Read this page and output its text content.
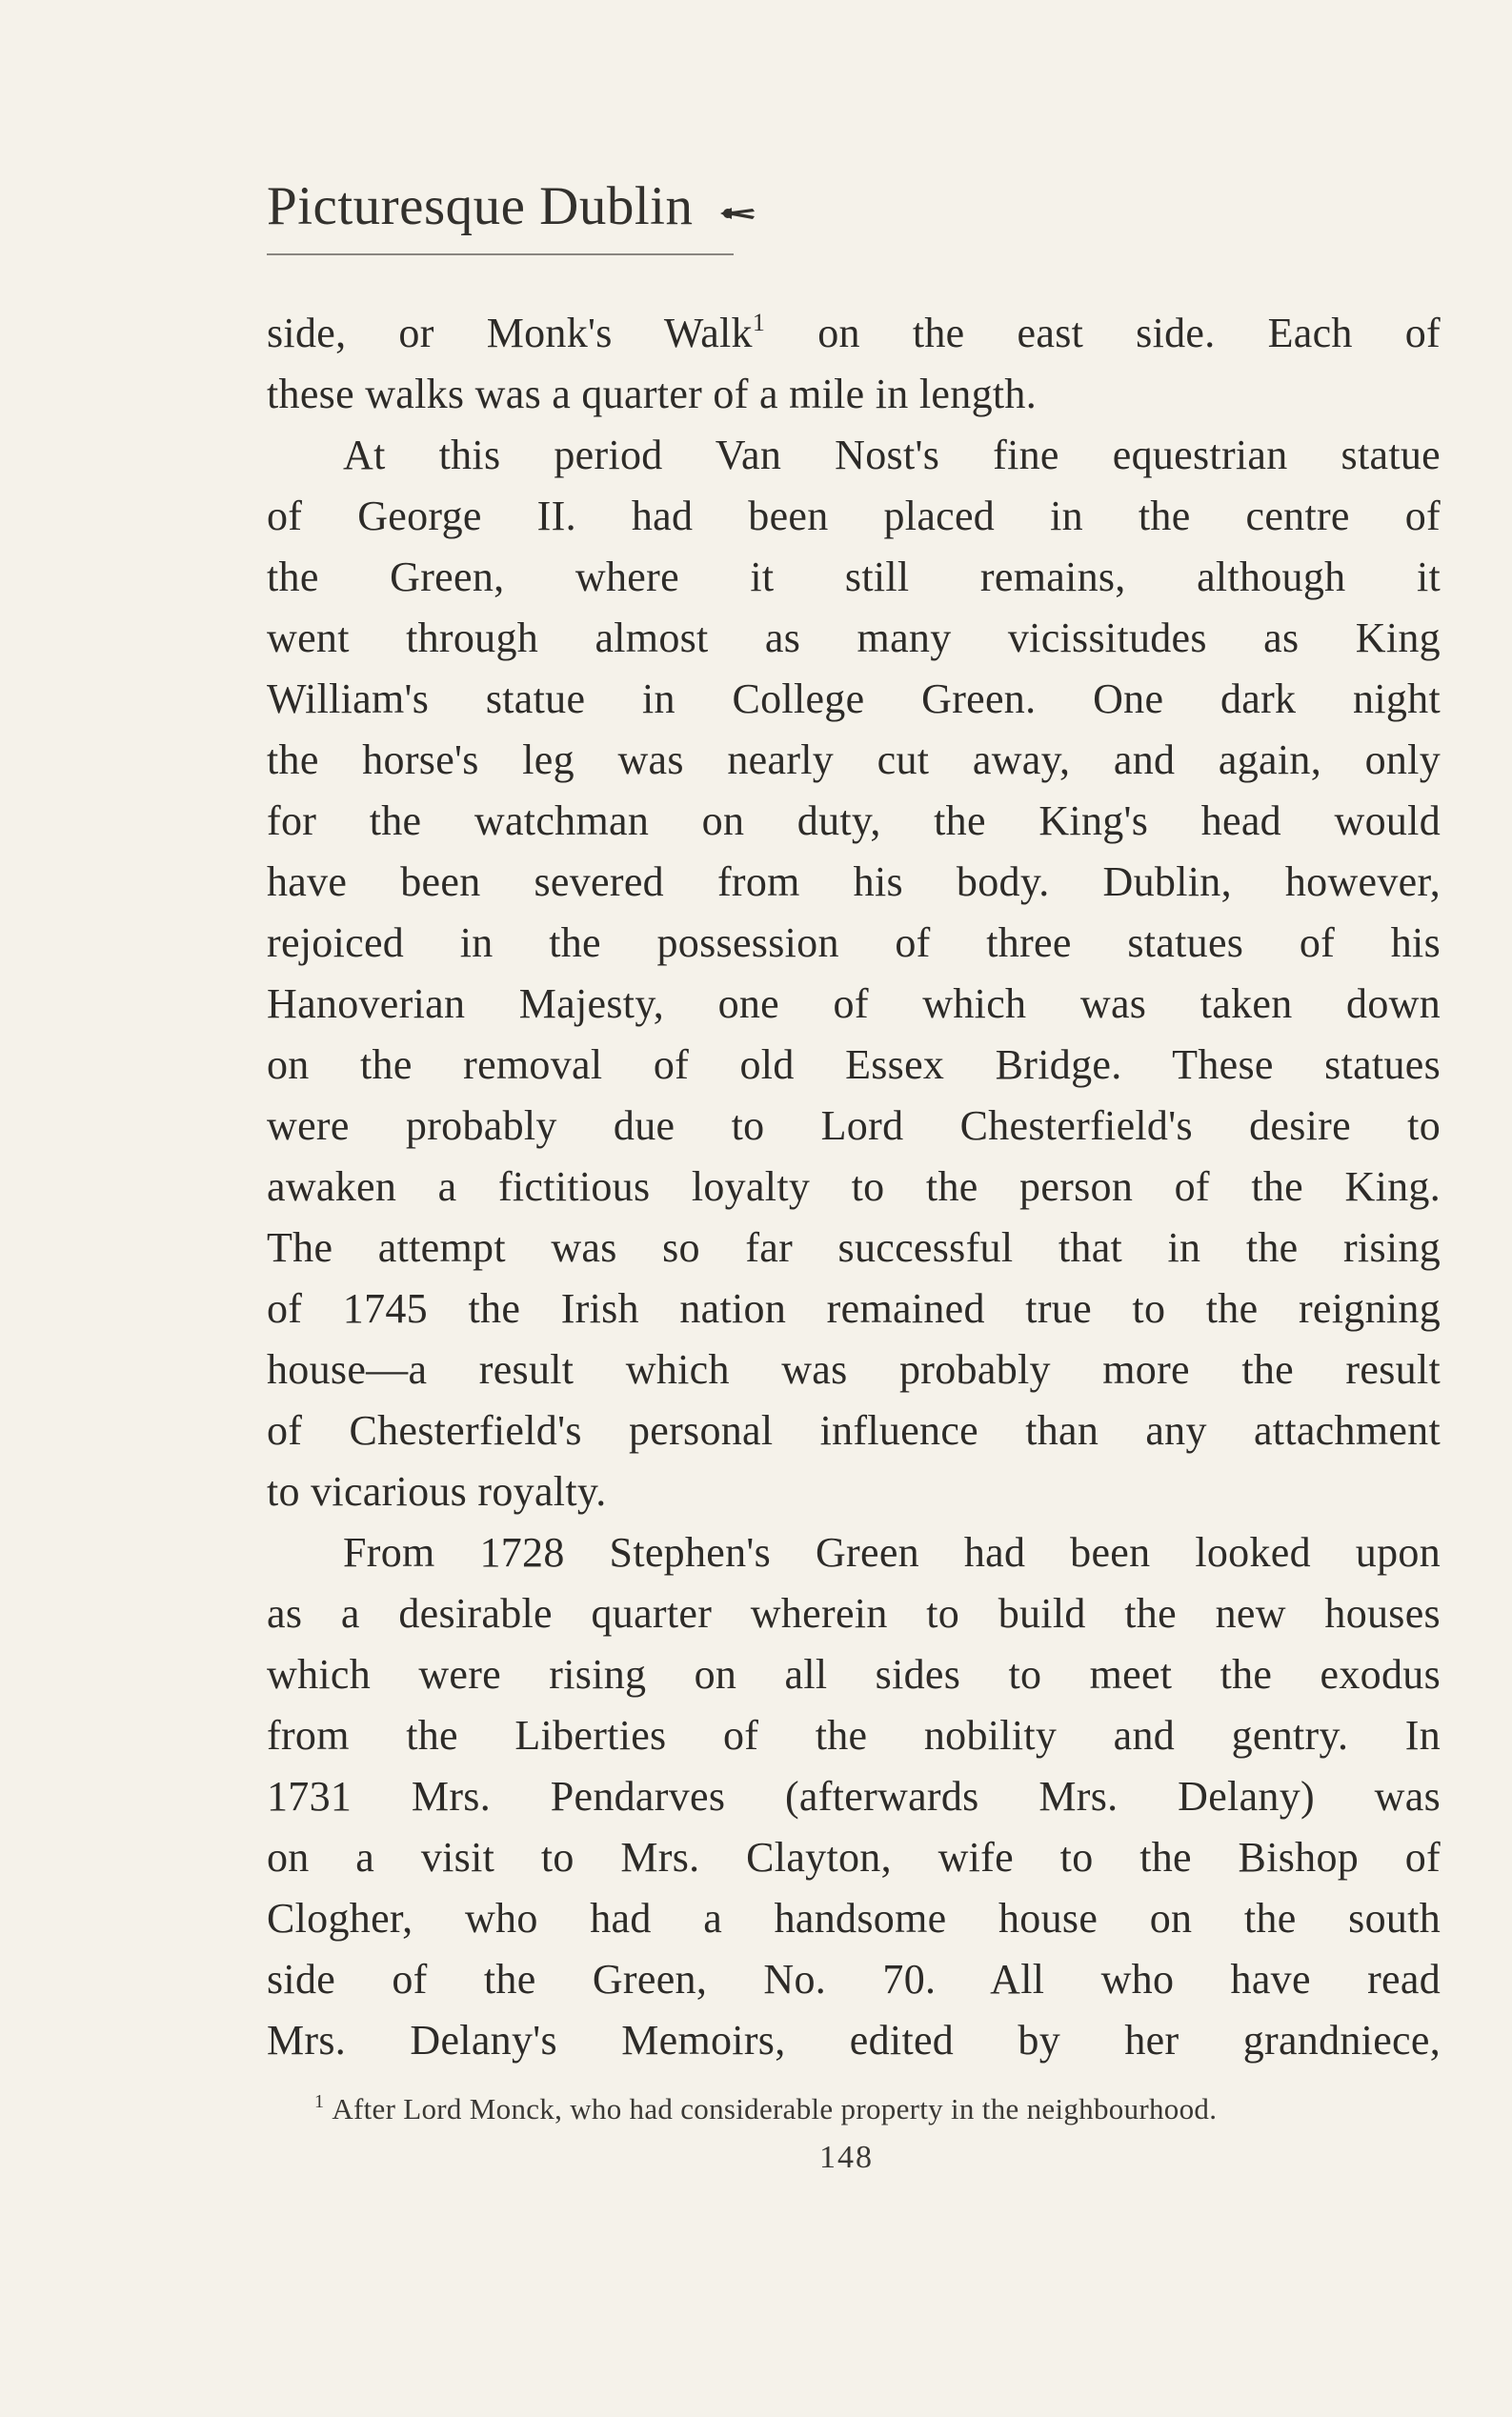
Picturesque Dublin
side, or Monk's Walk$^1$ on the east side. Each of
these walks was a quarter of a mile in length.
At this period Van Nost's fine equestrian statue
of George II. had been placed in the centre of
the Green, where it still remains, although it
went through almost as many vicissitudes as King
William's statue in College Green. One dark night
the horse's leg was nearly cut away, and again, only
for the watchman on duty, the King's head would
have been severed from his body. Dublin, however,
rejoiced in the possession of three statues of his
Hanoverian Majesty, one of which was taken down
on the removal of old Essex Bridge. These statues
were probably due to Lord Chesterfield's desire to
awaken a fictitious loyalty to the person of the King.
The attempt was so far successful that in the rising
of 1745 the Irish nation remained true to the reigning
house—a result which was probably more the result
of Chesterfield's personal influence than any attachment
to vicarious royalty.
From 1728 Stephen's Green had been looked upon
as a desirable quarter wherein to build the new houses
which were rising on all sides to meet the exodus
from the Liberties of the nobility and gentry. In
1731 Mrs. Pendarves (afterwards Mrs. Delany) was
on a visit to Mrs. Clayton, wife to the Bishop of
Clogher, who had a handsome house on the south
side of the Green, No. 70. All who have read
Mrs. Delany's Memoirs, edited by her grandniece,
$^1$ After Lord Monck, who had considerable property in the neighbourhood.
148
